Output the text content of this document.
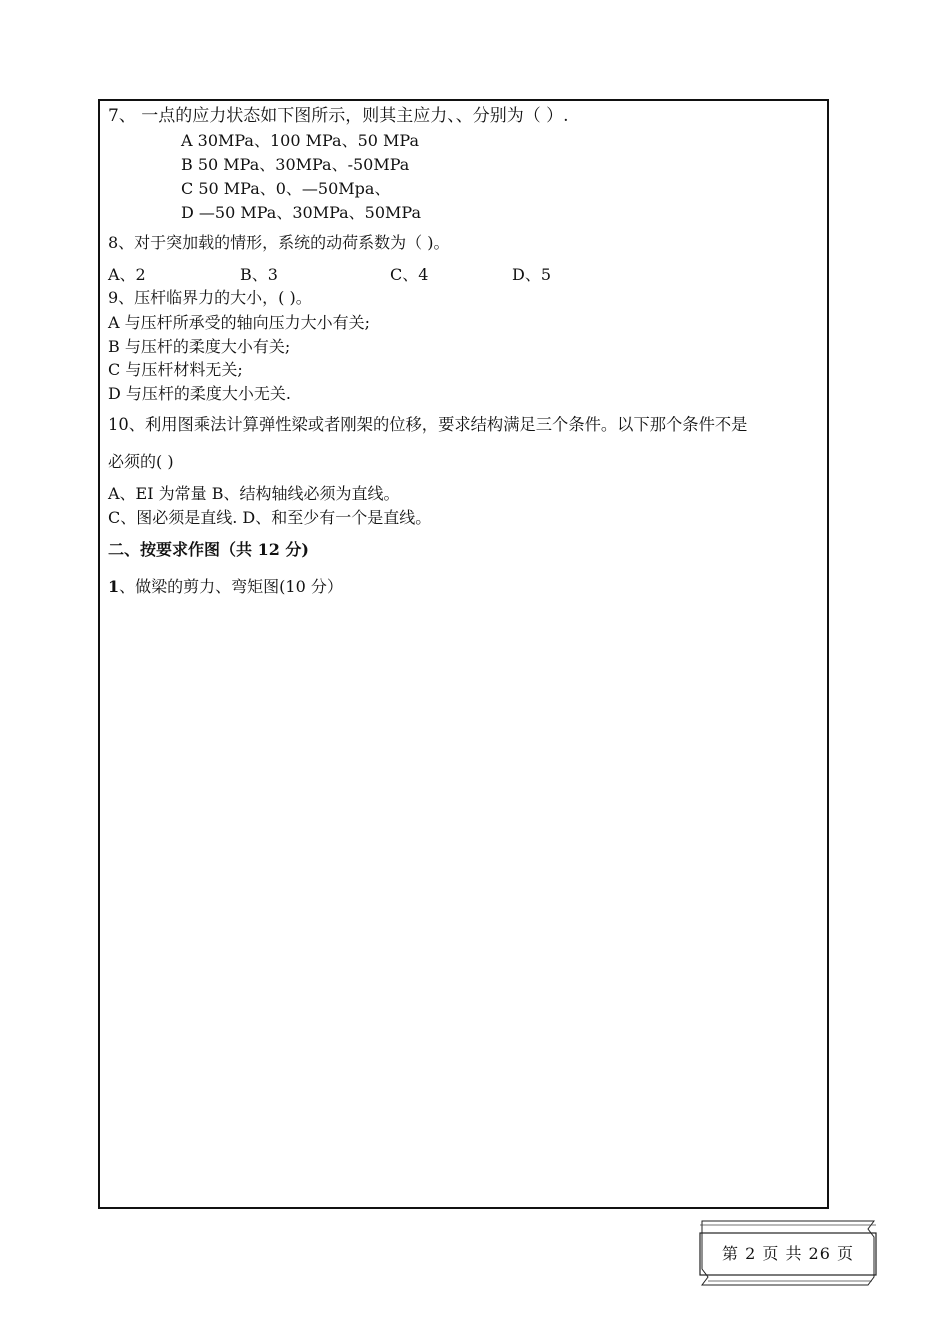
7、 一点的应力状态如下图所示，则其主应力、、分别为（ ）.
A 30MPa、100 MPa、50 MPa
B 50 MPa、30MPa、-50MPa
C 50 MPa、0、—50Mpa、
D —50 MPa、30MPa、50MPa
8、对于突加载的情形，系统的动荷系数为（ )。
A、2	B、3	C、4	D、5
9、压杆临界力的大小，( )。
A 与压杆所承受的轴向压力大小有关;
B 与压杆的柔度大小有关;
C 与压杆材料无关;
D 与压杆的柔度大小无关.
10、利用图乘法计算弹性梁或者刚架的位移，要求结构满足三个条件。以下那个条件不是
必须的( )
A、EI 为常量 B、结构轴线必须为直线。
C、图必须是直线. D、和至少有一个是直线。
二、按要求作图（共 12 分)
1、做梁的剪力、弯矩图(10 分）
第 2 页 共 26 页
